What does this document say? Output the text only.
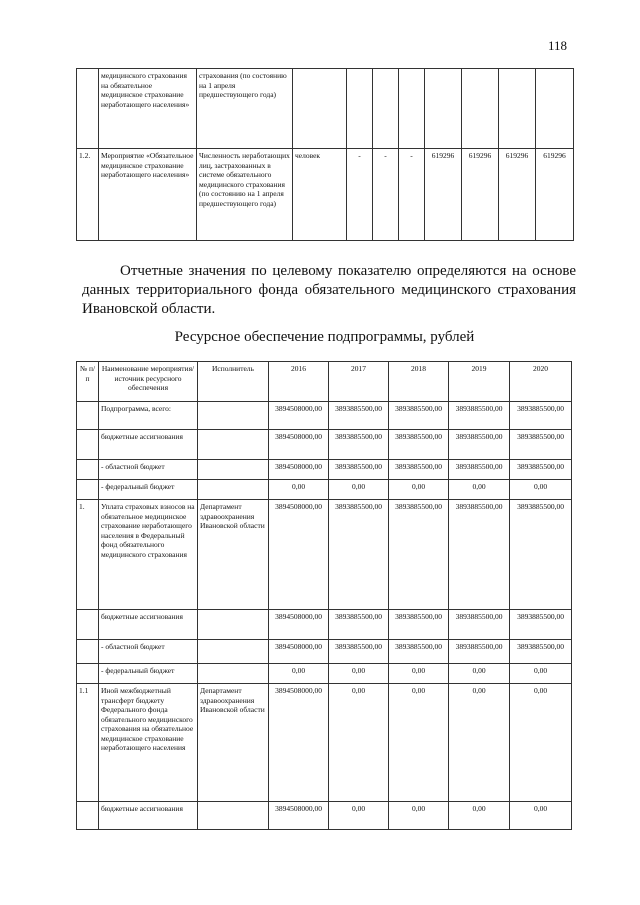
118
	медицинского страхования на обязательное медицинское страхование неработающего населения»	страхования (по состоянию на 1 апреля предшествующего года)								
1.2.	Мероприятие «Обязательное медицинское страхование неработающего населения»	Численность неработающих лиц, застрахованных в системе обязательного медицинского страхования (по состоянию на 1 апреля предшествующего года)	человек	-	-	-	619296	619296	619296	619296
Отчетные значения по целевому показателю определяются на основе данных территориального фонда обязательного медицинского страхования Ивановской области.
Ресурсное обеспечение подпрограммы, рублей
№ п/п	Наименование мероприятия/источник ресурсного обеспечения	Исполнитель	2016	2017	2018	2019	2020
	Подпрограмма, всего:		3894508000,00	3893885500,00	3893885500,00	3893885500,00	3893885500,00
	бюджетные ассигнования		3894508000,00	3893885500,00	3893885500,00	3893885500,00	3893885500,00
	- областной бюджет		3894508000,00	3893885500,00	3893885500,00	3893885500,00	3893885500,00
	- федеральный бюджет		0,00	0,00	0,00	0,00	0,00
1.	Уплата страховых взносов на обязательное медицинское страхование неработающего населения в Федеральный фонд обязательного медицинского страхования	Департамент здравоохранения Ивановской области	3894508000,00	3893885500,00	3893885500,00	3893885500,00	3893885500,00
	бюджетные ассигнования		3894508000,00	3893885500,00	3893885500,00	3893885500,00	3893885500,00
	- областной бюджет		3894508000,00	3893885500,00	3893885500,00	3893885500,00	3893885500,00
	- федеральный бюджет		0,00	0,00	0,00	0,00	0,00
1.1	Иной межбюджетный трансферт бюджету Федерального фонда обязательного медицинского страхования на обязательное медицинское страхование неработающего населения	Департамент здравоохранения Ивановской области	3894508000,00	0,00	0,00	0,00	0,00
	бюджетные ассигнования		3894508000,00	0,00	0,00	0,00	0,00
